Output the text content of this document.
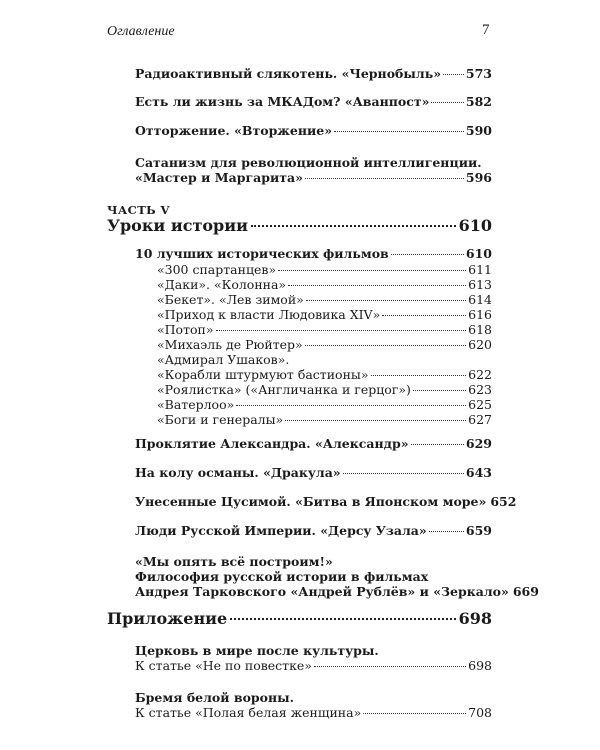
Оглавление	7
Радиоактивный слякотень. «Чернобыль» 573
Есть ли жизнь за МКАДом? «Аванпост»	582
Отторжение. «Вторжение»	590
Сатанизм для революционной интеллигенции.
«Мастер и Маргарита»	596
ЧАСТЬ V
Уроки истории	610
10 лучших исторических фильмов	610
«300 спартанцев»	611
«Даки». «Колонна»	613
«Бекет». «Лев зимой»	614
«Приход к власти Людовика XIV»	616
«Потоп»	618
«Михаэль де Рюйтер»	620
«Адмирал Ушаков».
«Корабли штурмуют бастионы»	622
«Роялистка» («Англичанка и герцог»)	623
«Ватерлоо»	625
«Боги и генералы»	627
Проклятие Александра. «Александр»	629
На колу османы. «Дракула»	643
Унесенные Цусимой. «Битва в Японском море» 652
Люди Русской Империи. «Дерсу Узала»	659
«Мы опять всё построим!»
Философия русской истории в фильмах
Андрея Тарковского «Андрей Рублёв» и «Зеркало» 669
Приложение	698
Церковь в мире после культуры.
К статье «Не по повестке»	698
Бремя белой вороны.
К статье «Полая белая женщина»	708
